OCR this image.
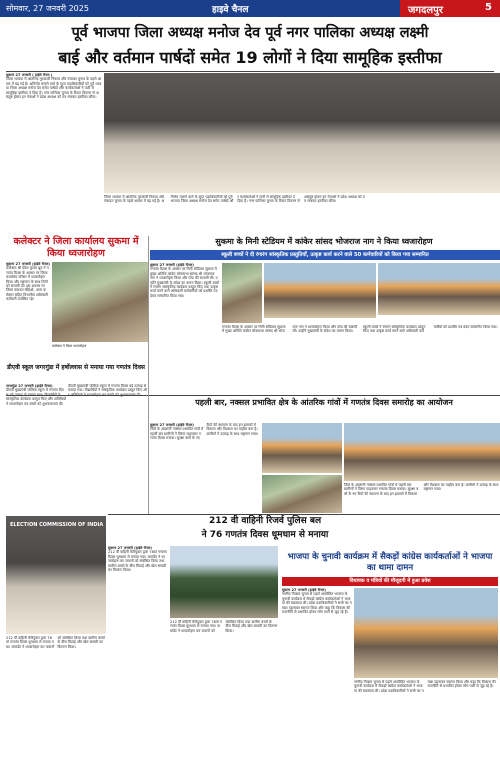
सोमवार, 27 जनवरी 2025	हाइवे चैनल	जगदलपुर	5
पूर्व भाजपा जिला अध्यक्ष मनोज देव पूर्व नगर पालिका अध्यक्ष लक्ष्मी
बाई और वर्तमान पार्षदों समेत 19 लोगों ने दिया सामूहिक इस्तीफा
सुकमा 27 जनवरी ( हाईवे चैनल )
जिला भाजपा में आंतरिक गुटबाजी निकाय और पंचायत चुनाव के पहले आपस में बढ़ गई है। अनिर्णय चलाने वाले के सुप्त पदाधिकारियों को पूर्व भाजपा जिला अध्यक्ष मनोज देव समेत पार्षदों और कार्यकर्ताओं ने पार्टी से सामूहिक इस्तीफा दे दिया है। नगर पालिका चुनाव के टिकट वितरण से असंतुष्ट होकर इन नेताओं ने प्रदेश अध्यक्ष को पत्र भेजकर इस्तीफा सौंपा।
जिला भाजपा में आंतरिक गुटबाजी निकाय और पंचायत चुनाव के पहले आपस में बढ़ गई है। अनिर्णय चलाने वाले के सुप्त पदाधिकारियों को पूर्व भाजपा जिला अध्यक्ष मनोज देव समेत पार्षदों और कार्यकर्ताओं ने पार्टी से सामूहिक इस्तीफा दे दिया है। नगर पालिका चुनाव के टिकट वितरण से असंतुष्ट होकर इन नेताओं ने प्रदेश अध्यक्ष को पत्र भेजकर इस्तीफा सौंपा।
सुकमा के मिनी स्टेडियम में कांकेर सांसद भोजराज नाग ने किया ध्वजारोहण
स्कूली बच्चों ने दी रंगारंग सांस्कृतिक प्रस्तुतियाँ, उत्कृष्ट कार्य करने वाले 50 कर्मचारियों को किया गया सम्मानित
कलेक्टर ने जिला कार्यालय सुकमा में किया ध्वजारोहण
सुकमा 27 जनवरी (हाईवे चैनल)
कलेक्टर श्री देवेश कुमार ध्रुव ने गणतंत्र दिवस के अवसर पर जिला कार्यालय परिसर में ध्वजारोहण किया और राष्ट्रगान के साथ तिरंगे को सलामी दी। इस अवसर पर जिला पंचायत सीईओ, अपर कलेक्टर सहित विभागीय अधिकारी कर्मचारी उपस्थित रहे।
कलेक्टर ने किया ध्वजारोहण
सुकमा 27 जनवरी (हाईवे चैनल)
गणतंत्र दिवस के अवसर पर मिनी स्टेडियम सुकमा में मुख्य अतिथि कांकेर लोकसभा सांसद श्री भोजराज नाग ने ध्वजारोहण किया और परेड की सलामी ली। उन्होंने मुख्यमंत्री के संदेश का वाचन किया। स्कूली बच्चों ने रंगारंग सांस्कृतिक कार्यक्रम प्रस्तुत किए तथा उत्कृष्ट कार्य करने वाले अधिकारी कर्मचारियों को प्रशस्ति पत्र देकर सम्मानित किया गया।
गणतंत्र दिवस के अवसर पर मिनी स्टेडियम सुकमा में मुख्य अतिथि कांकेर लोकसभा सांसद श्री भोजराज नाग ने ध्वजारोहण किया और परेड की सलामी ली। उन्होंने मुख्यमंत्री के संदेश का वाचन किया। स्कूली बच्चों ने रंगारंग सांस्कृतिक कार्यक्रम प्रस्तुत किए तथा उत्कृष्ट कार्य करने वाले अधिकारी कर्मचारियों को प्रशस्ति पत्र देकर सम्मानित किया गया।
डीएवी स्कूल जगरगुंडा में हर्षोल्लास से मनाया गया गणतंत्र दिवस
जगरगुंडा 27 जनवरी (हाईवे चैनल)
डीएवी मुख्यमंत्री पब्लिक स्कूल में गणतंत्र दिव सांस्कृतिक कार्यक्रम प्रस्तुत किए और अतिथियों ने ध्वजारोहण कर बच्चों को शुभकामनाएं दीं।
डीएवी मुख्यमंत्री पब्लिक स्कूल में गणतंत्र दिवस बड़े उत्साह से मनाया गया। विद्यार्थियों ने सांस्कृतिक कार्यक्रम प्रस्तुत किए औ
पहली बार, नक्सल प्रभावित क्षेत्र के आंतरिक गांवों में गणतंत्र दिवस समारोह का आयोजन
सुकमा 27 जनवरी (हाईवे चैनल)
जिले के अंदरूनी नक्सल प्रभावित गांवों में पहली बार ग्रामीणों ने तिरंगा फहराकर गणतंत्र दिवस मनाया। सुरक्षा बलों के नए कैंपों की स्थापना के बाद इन इलाकों में विकास और विश्वास का माहौल बना है। ग्रामीणों ने उत्साह के साथ राष्ट्रगान गाया।
जिले के अंदरूनी नक्सल प्रभावित गांवों में पहली बार ग्रामीणों ने तिरंगा फहराकर गणतंत्र दिवस मनाया। सुरक्षा बलों के नए कैंपों की स्थापना के बाद इन इलाकों में विकास और विश्वास का माहौल बना है। ग्रामीणों ने उत्साह के साथ राष्ट्रगान गाया।
ELECTION COMMISSION OF INDIA	212 वी वाहिनी रिजर्व पुलिस बल
ने 76 गणतंत्र दिवस धूमधाम से मनाया
सुकमा 27 जनवरी (हाईवे चैनल)
212 वीं वाहिनी केरिपुबल द्वारा 76वां गणतंत्र दिवस धूमधाम से मनाया गया। कमांडेंट ने ध्वजारोहण कर जवानों को संबोधित किया तथा ग्रामीण बच्चों के बीच मिठाई और खेल सामग्री का वितरण किया।
212 वीं वाहिनी केरिपुबल द्वारा 76वां गणतंत्र दिवस धूमधाम से मनाया गया। कमांडेंट ने ध्वजारोहण कर जवानों को संबोधित किया तथा ग्रामीण बच्चों के बीच मिठाई और खेल सामग्री का वितरण किया।
212 वीं वाहिनी केरिपुबल द्वारा 76वां गणतंत्र दिवस धूमधाम से मनाया गया। कमांडेंट ने ध्वजारोहण कर जवानों को संबोधित किया तथा ग्रामीण बच्चों के बीच मिठाई और खेल सामग्री का वितरण किया।
भाजपा के चुनावी कार्यक्रम में सैकड़ों कांग्रेस कार्यकर्ताओं ने भाजपा का थामा दामन
विधायक व मंत्रियों की मौजूदगी में हुआ प्रवेश
सुकमा 27 जनवरी (हाईवे चैनल)
नगरीय निकाय चुनाव से पहले आयोजित भाजपा के चुनावी कार्यक्रम में सैकड़ों कांग्रेस कार्यकर्ताओं ने भाजपा की सदस्यता ली। प्रदेश पदाधिकारियों ने सभी का गमछा पहनाकर स्वागत किया और कहा कि विकास की राजनीति से प्रभावित होकर लोग पार्टी से जुड़ रहे हैं।
नगरीय निकाय चुनाव से पहले आयोजित भाजपा के चुनावी कार्यक्रम में सैकड़ों कांग्रेस कार्यकर्ताओं ने भाजपा की सदस्यता ली। प्रदेश पदाधिकारियों ने सभी का गमछा पहनाकर स्वागत किया और कहा कि विकास की राजनीति से प्रभावित होकर लोग पार्टी से जुड़ रहे हैं।
